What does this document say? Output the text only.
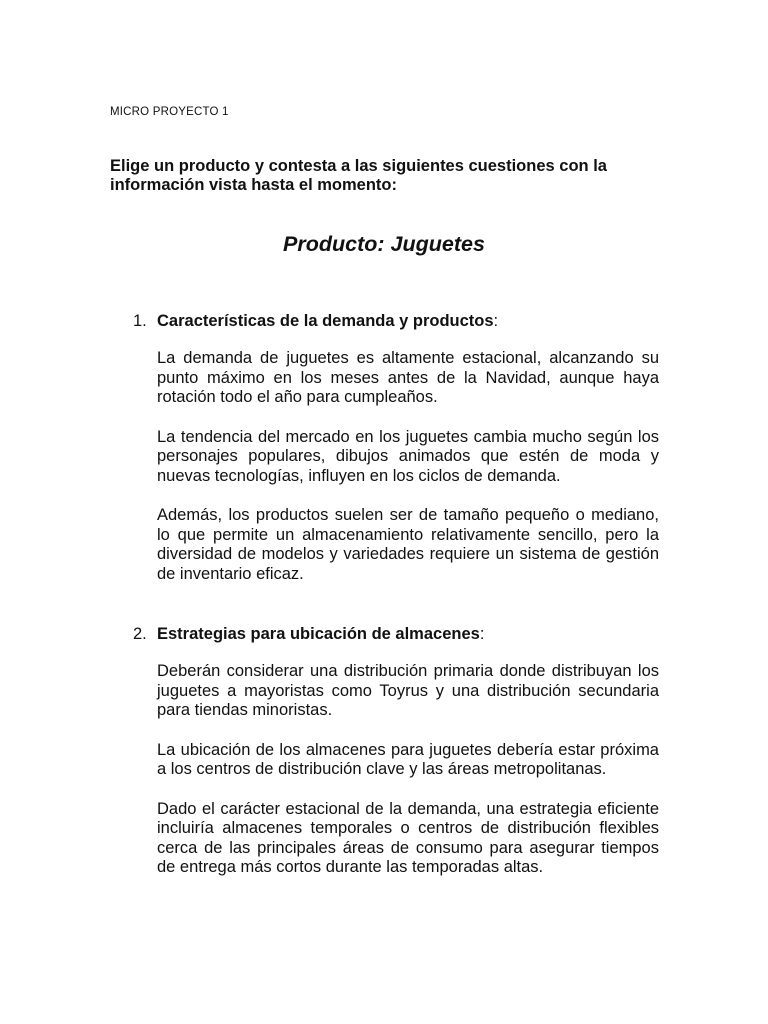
MICRO PROYECTO 1
Elige un producto y contesta a las siguientes cuestiones con la información vista hasta el momento:
Producto: Juguetes
1. Características de la demanda y productos:
La demanda de juguetes es altamente estacional, alcanzando su punto máximo en los meses antes de la Navidad, aunque haya rotación todo el año para cumpleaños.
La tendencia del mercado en los juguetes cambia mucho según los personajes populares, dibujos animados que estén de moda y nuevas tecnologías, influyen en los ciclos de demanda.
Además, los productos suelen ser de tamaño pequeño o mediano, lo que permite un almacenamiento relativamente sencillo, pero la diversidad de modelos y variedades requiere un sistema de gestión de inventario eficaz.
2. Estrategias para ubicación de almacenes:
Deberán considerar una distribución primaria donde distribuyan los juguetes a mayoristas como Toyrus y una distribución secundaria para tiendas minoristas.
La ubicación de los almacenes para juguetes debería estar próxima a los centros de distribución clave y las áreas metropolitanas.
Dado el carácter estacional de la demanda, una estrategia eficiente incluiría almacenes temporales o centros de distribución flexibles cerca de las principales áreas de consumo para asegurar tiempos de entrega más cortos durante las temporadas altas.
